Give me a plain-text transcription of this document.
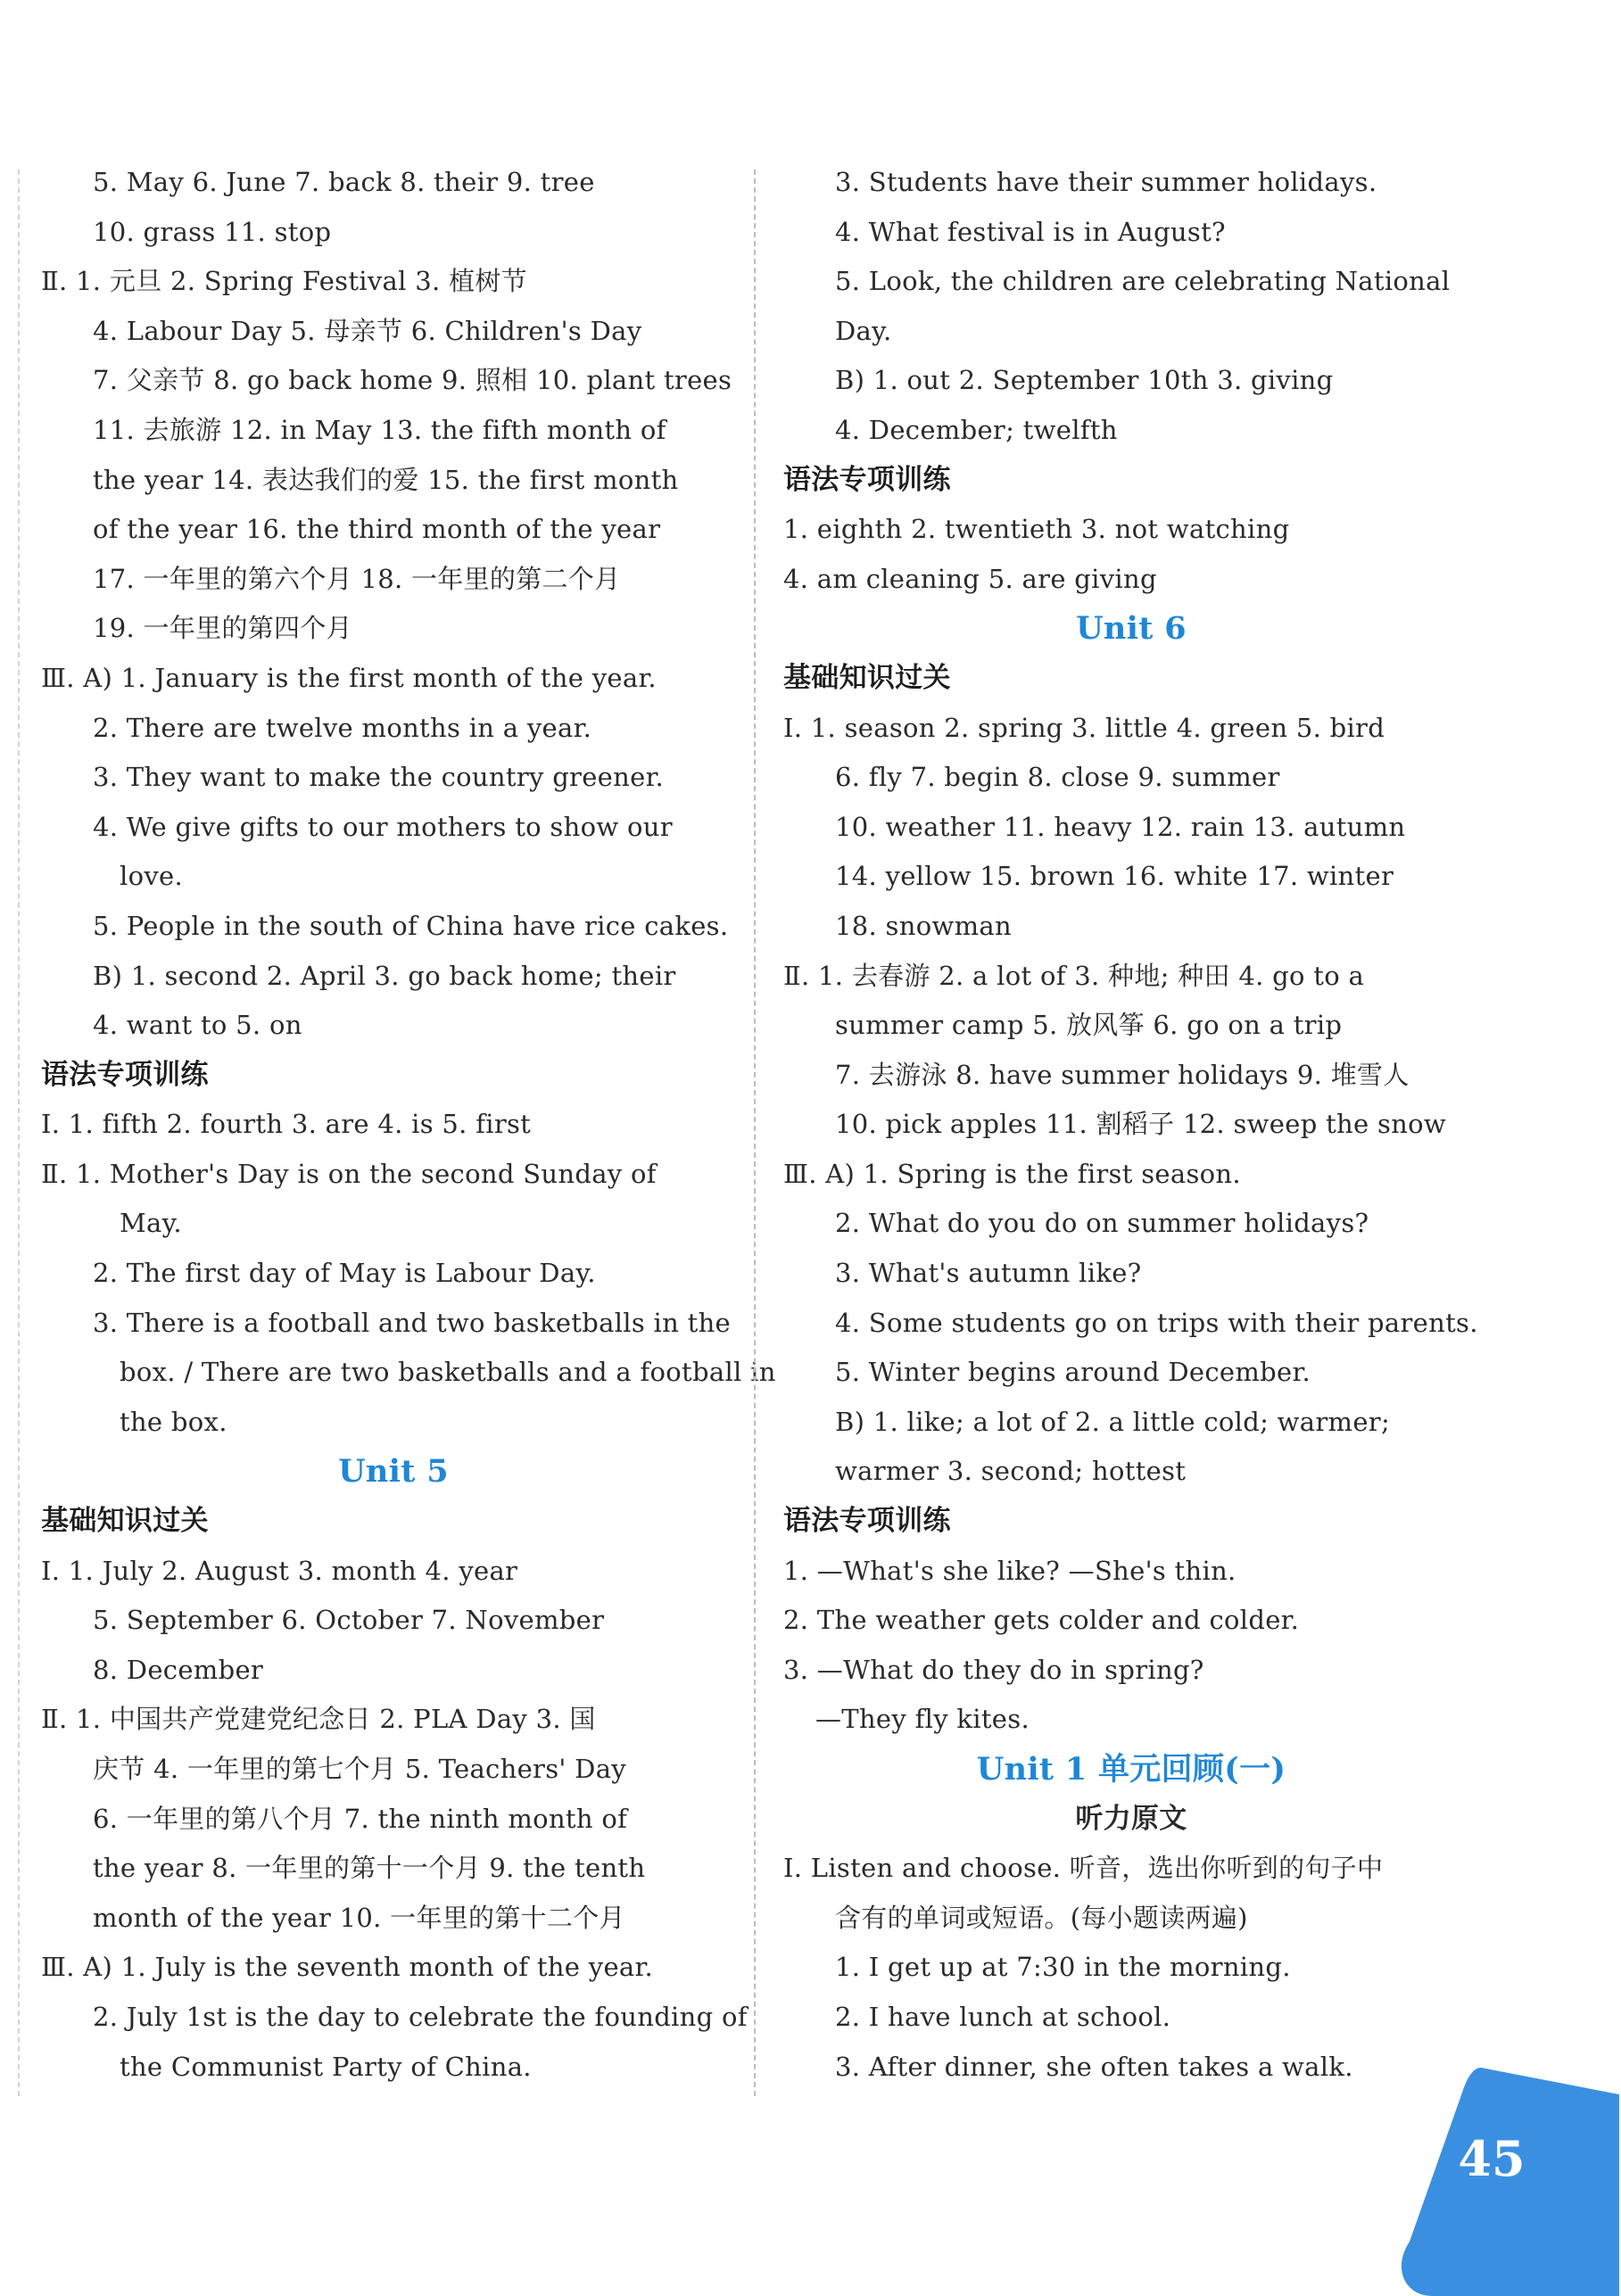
5. May 6. June 7. back 8. their 9. tree
10. grass 11. stop
Ⅱ. 1. 元旦 2. Spring Festival 3. 植树节
4. Labour Day 5. 母亲节 6. Children's Day
7. 父亲节 8. go back home 9. 照相 10. plant trees
11. 去旅游 12. in May 13. the fifth month of
the year 14. 表达我们的爱 15. the first month
of the year 16. the third month of the year
17. 一年里的第六个月 18. 一年里的第二个月
19. 一年里的第四个月
Ⅲ. A) 1. January is the first month of the year.
2. There are twelve months in a year.
3. They want to make the country greener.
4. We give gifts to our mothers to show our
love.
5. People in the south of China have rice cakes.
B) 1. second 2. April 3. go back home; their
4. want to 5. on
语法专项训练
Ⅰ. 1. fifth 2. fourth 3. are 4. is 5. first
Ⅱ. 1. Mother's Day is on the second Sunday of
May.
2. The first day of May is Labour Day.
3. There is a football and two basketballs in the
box. / There are two basketballs and a football in
the box.
Unit 5
基础知识过关
Ⅰ. 1. July 2. August 3. month 4. year
5. September 6. October 7. November
8. December
Ⅱ. 1. 中国共产党建党纪念日 2. PLA Day 3. 国
庆节 4. 一年里的第七个月 5. Teachers' Day
6. 一年里的第八个月 7. the ninth month of
the year 8. 一年里的第十一个月 9. the tenth
month of the year 10. 一年里的第十二个月
Ⅲ. A) 1. July is the seventh month of the year.
2. July 1st is the day to celebrate the founding of
the Communist Party of China.
3. Students have their summer holidays.
4. What festival is in August?
5. Look, the children are celebrating National
Day.
B) 1. out 2. September 10th 3. giving
4. December; twelfth
语法专项训练
1. eighth 2. twentieth 3. not watching
4. am cleaning 5. are giving
Unit 6
基础知识过关
Ⅰ. 1. season 2. spring 3. little 4. green 5. bird
6. fly 7. begin 8. close 9. summer
10. weather 11. heavy 12. rain 13. autumn
14. yellow 15. brown 16. white 17. winter
18. snowman
Ⅱ. 1. 去春游 2. a lot of 3. 种地; 种田 4. go to a
summer camp 5. 放风筝 6. go on a trip
7. 去游泳 8. have summer holidays 9. 堆雪人
10. pick apples 11. 割稻子 12. sweep the snow
Ⅲ. A) 1. Spring is the first season.
2. What do you do on summer holidays?
3. What's autumn like?
4. Some students go on trips with their parents.
5. Winter begins around December.
B) 1. like; a lot of 2. a little cold; warmer;
warmer 3. second; hottest
语法专项训练
1. —What's she like? —She's thin.
2. The weather gets colder and colder.
3. —What do they do in spring?
—They fly kites.
Unit 1 单元回顾(一)
听力原文
Ⅰ. Listen and choose. 听音，选出你听到的句子中
含有的单词或短语。(每小题读两遍)
1. I get up at 7:30 in the morning.
2. I have lunch at school.
3. After dinner, she often takes a walk.
45
